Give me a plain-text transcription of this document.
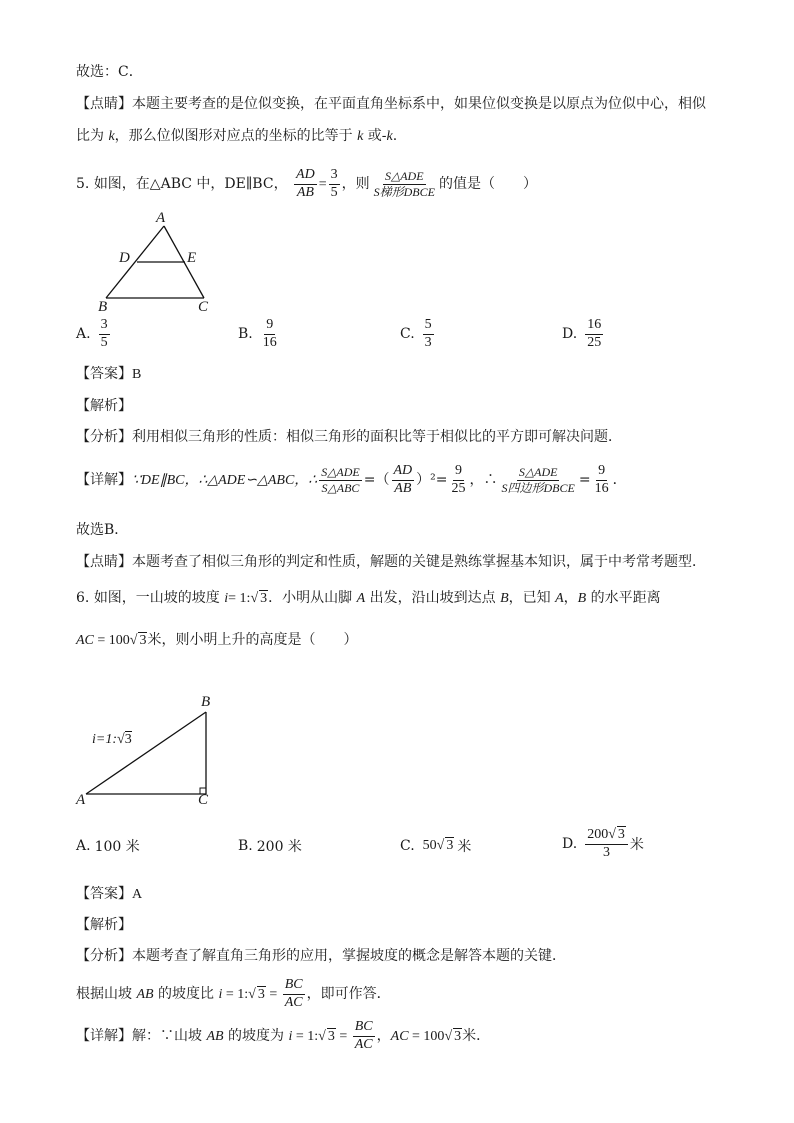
故选：C．
【点睛】本题主要考查的是位似变换，在平面直角坐标系中，如果位似变换是以原点为位似中心，相似
比为 k，那么位似图形对应点的坐标的比等于 k 或-k.
5. 如图，在△ABC 中，DE∥BC， $\frac{AD}{AB} = \frac{3}{5}$ ，则 $\frac{\text{S△ADE}}{\text{S梯形DBCE}}$ 的值是（　　）
A
D	E
B	C
A. $\frac{3}{5}$	B. $\frac{9}{16}$	C. $\frac{5}{3}$	D. $\frac{16}{25}$
【答案】B
【解析】
【分析】利用相似三角形的性质：相似三角形的面积比等于相似比的平方即可解决问题．
【详解】∵DE∥BC，∴△ADE∽△ABC，∴ $\frac{\text{S△ADE}}{\text{S△ABC}}$ =（ $\frac{AD}{AB} )^2= \frac{9}{25}$ ，∴ $\frac{\text{S△ADE}}{\text{S四边形DBCE}} = \frac{9}{16}$ ．
故选B．
【点睛】本题考查了相似三角形的判定和性质，解题的关键是熟练掌握基本知识，属于中考常考题型．
6. 如图，一山坡的坡度 i= 1:√ 3．小明从山脚 A 出发，沿山坡到达点 B，已知 A，B 的水平距离
AC = 100√ 3米，则小明上升的高度是（　　）
B
A	C
i=1:√3
A. 100 米	B. 200 米	C. 50 √ 3 米	D. $\frac{200√ 3}{3}$ 米
【答案】A
【解析】
【分析】本题考查了解直角三角形的应用，掌握坡度的概念是解答本题的关键．
根据山坡 AB 的坡度比 i = 1:√ $3 = \frac{BC}{AC}$ ，即可作答．
【详解】解：∵山坡 AB 的坡度为 i = 1:√ $3 = \frac{BC}{AC}$ ，AC = 100√ 3米．
